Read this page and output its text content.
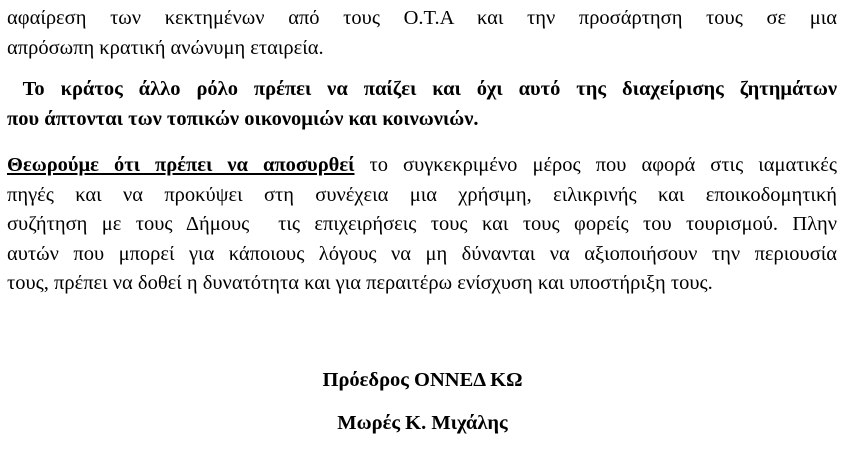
αφαίρεση των κεκτημένων από τους Ο.Τ.Α και την προσάρτηση τους σε μια
απρόσωπη κρατική ανώνυμη εταιρεία.

Το κράτος άλλο ρόλο πρέπει να παίζει και όχι αυτό της διαχείρισης ζητημάτων
που άπτονται των τοπικών οικονομιών και κοινωνιών.

Θεωρούμε ότι πρέπει να αποσυρθεί το συγκεκριμένο μέρος που αφορά στις ιαματικές
πηγές και να προκύψει στη συνέχεια μια χρήσιμη, ειλικρινής και εποικοδομητική
συζήτηση με τους Δήμους  τις επιχειρήσεις τους και τους φορείς του τουρισμού. Πλην
αυτών που μπορεί για κάποιους λόγους να μη δύνανται να αξιοποιήσουν την περιουσία
τους, πρέπει να δοθεί η δυνατότητα και για περαιτέρω ενίσχυση και υποστήριξη τους.

Πρόεδρος ΟΝΝΕΔ ΚΩ

Μωρές Κ. Μιχάλης
